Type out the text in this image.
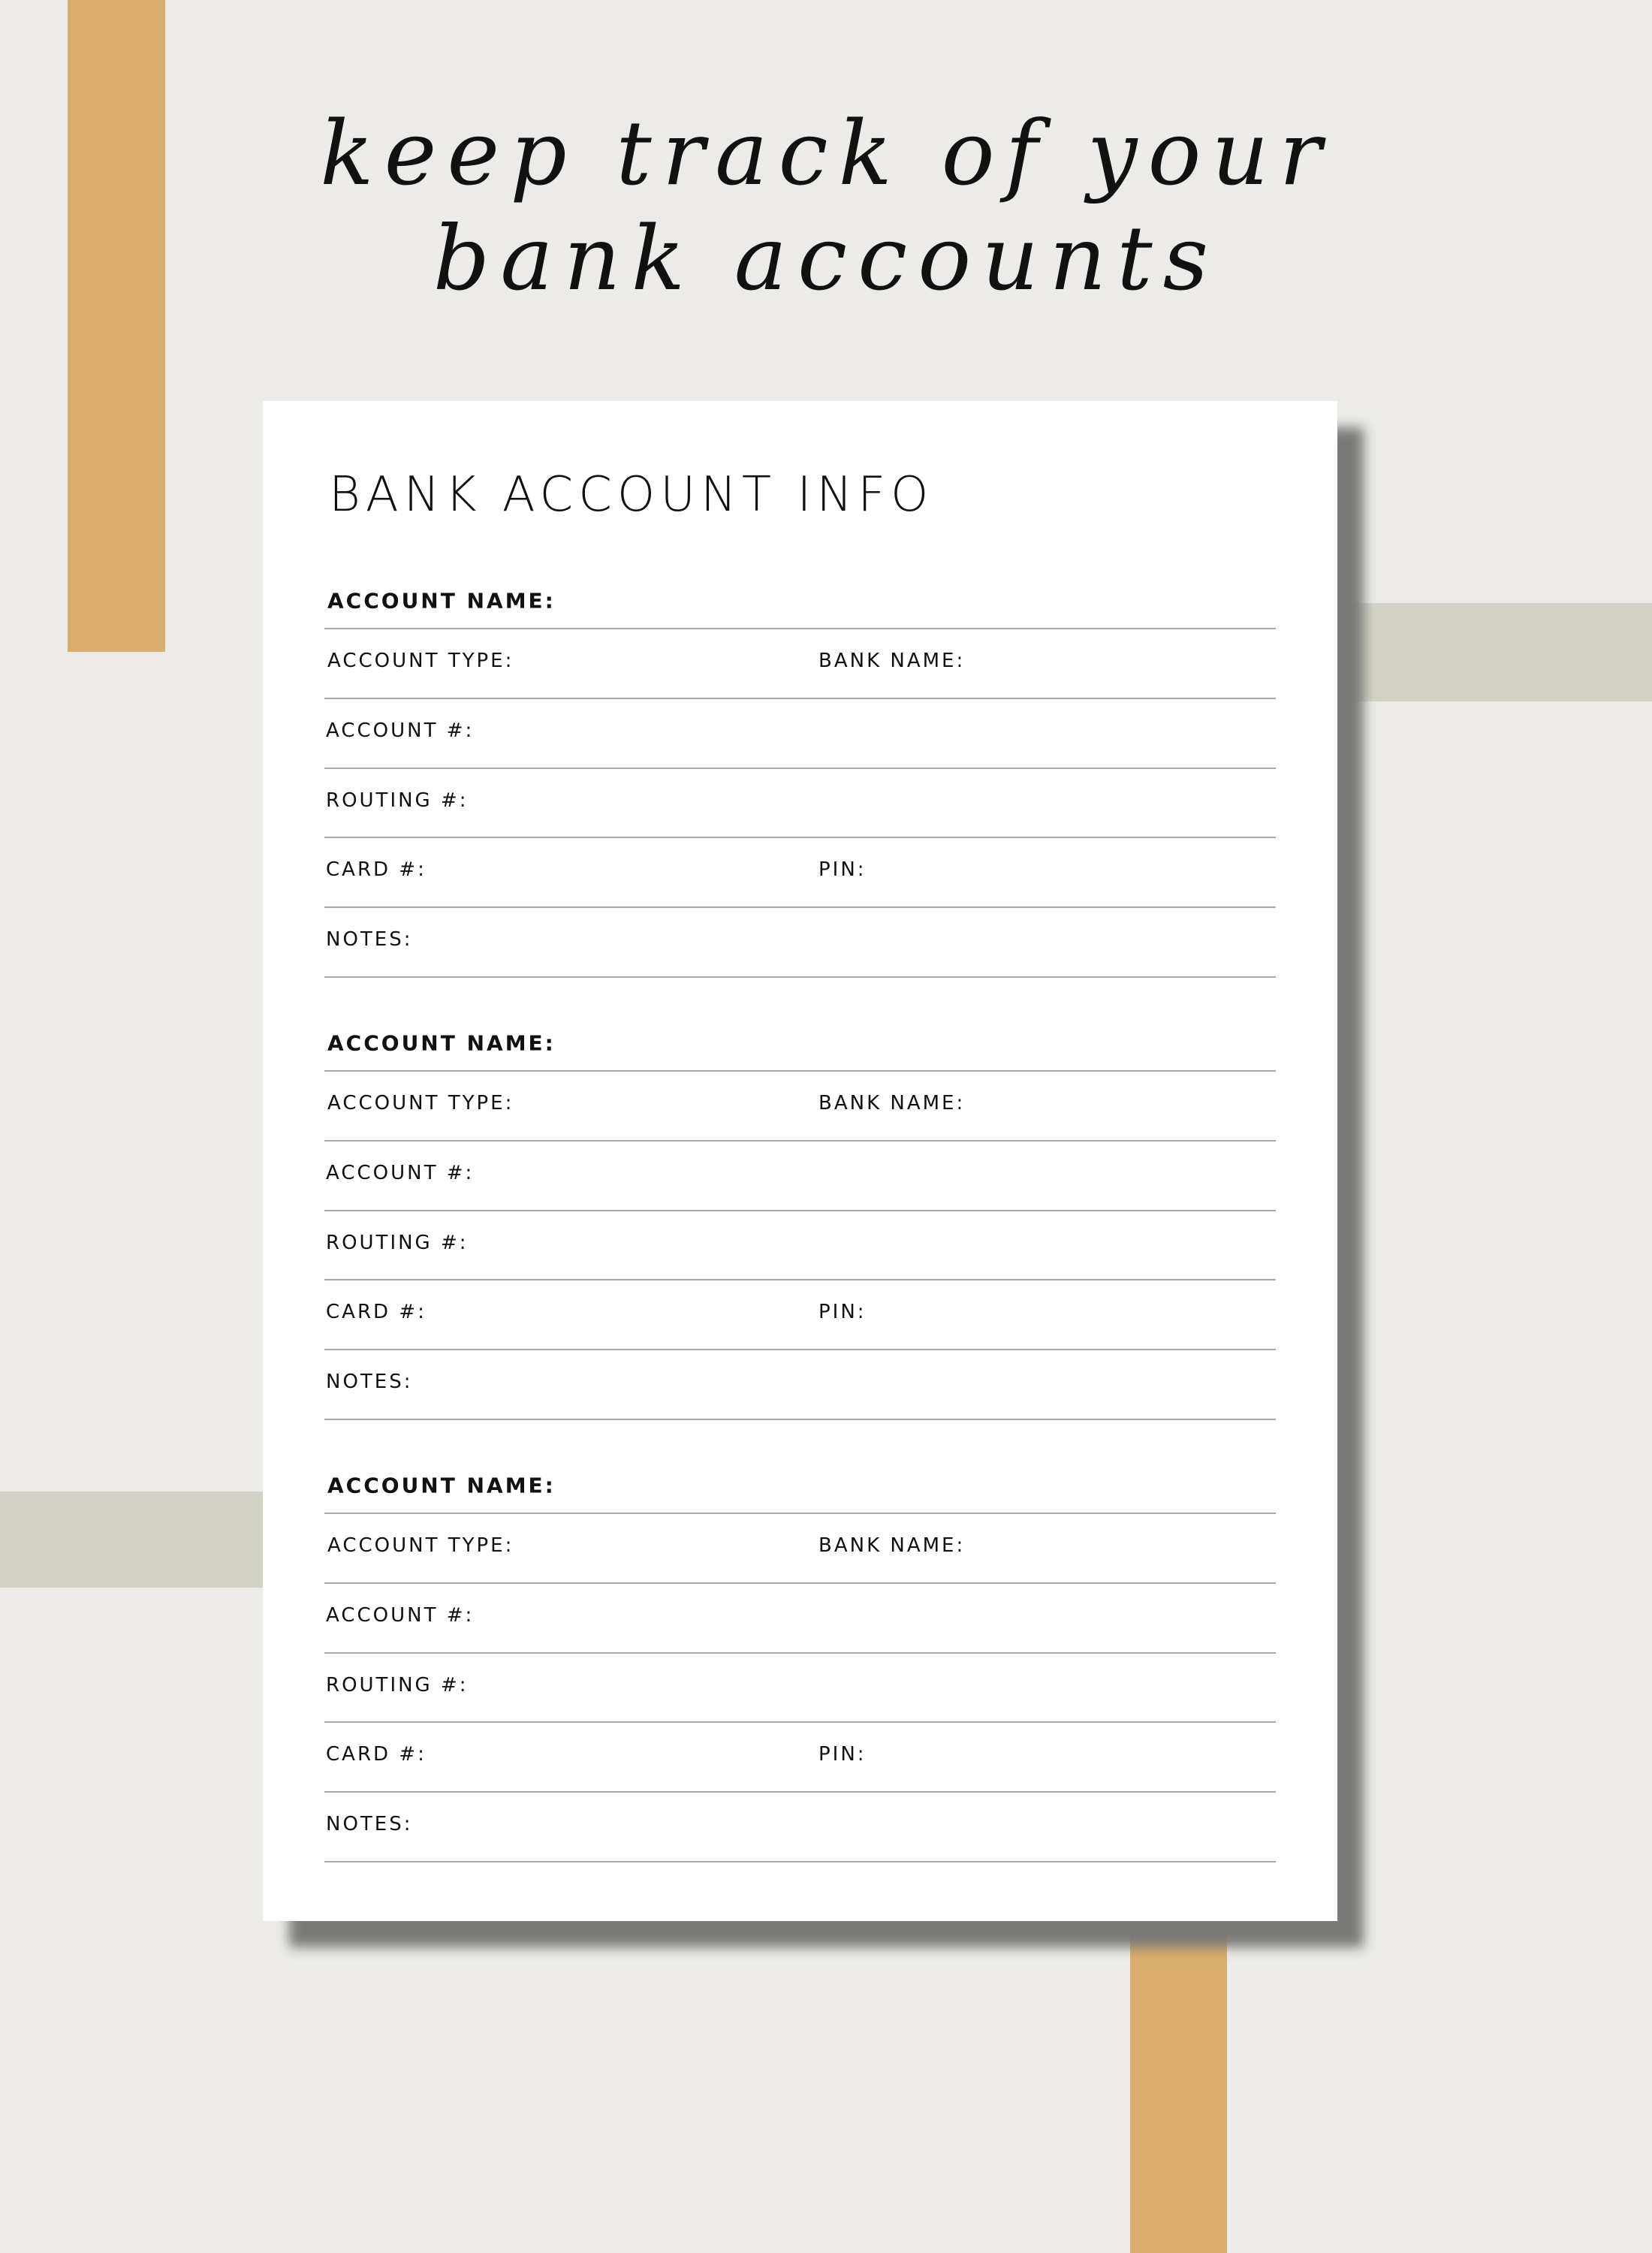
keep track of your
bank accounts
BANK ACCOUNT INFO
ACCOUNT NAME:
ACCOUNT TYPE:	BANK NAME:
ACCOUNT #:
ROUTING #:
CARD #:	PIN:
NOTES:
ACCOUNT NAME:
ACCOUNT TYPE:	BANK NAME:
ACCOUNT #:
ROUTING #:
CARD #:	PIN:
NOTES:
ACCOUNT NAME:
ACCOUNT TYPE:	BANK NAME:
ACCOUNT #:
ROUTING #:
CARD #:	PIN:
NOTES:
